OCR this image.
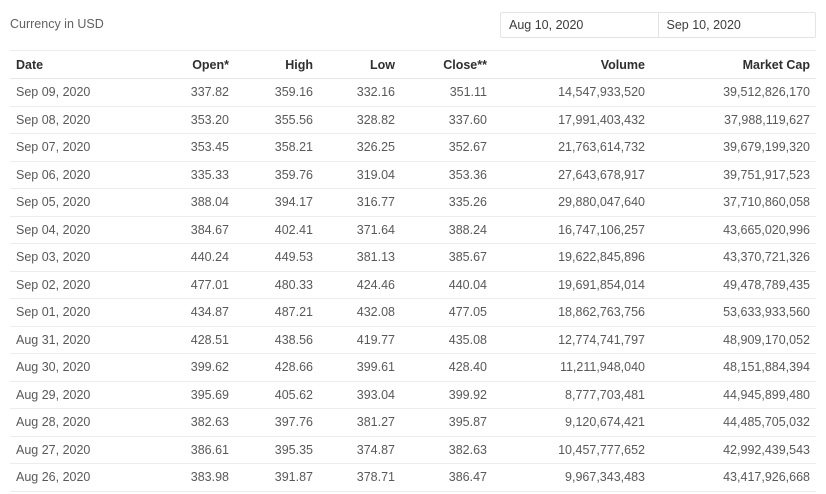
Currency in USD	Aug 10, 2020	Sep 10, 2020
Date	Open*	High	Low	Close**	Volume	Market Cap
Sep 09, 2020	337.82	359.16	332.16	351.11	14,547,933,520	39,512,826,170
Sep 08, 2020	353.20	355.56	328.82	337.60	17,991,403,432	37,988,119,627
Sep 07, 2020	353.45	358.21	326.25	352.67	21,763,614,732	39,679,199,320
Sep 06, 2020	335.33	359.76	319.04	353.36	27,643,678,917	39,751,917,523
Sep 05, 2020	388.04	394.17	316.77	335.26	29,880,047,640	37,710,860,058
Sep 04, 2020	384.67	402.41	371.64	388.24	16,747,106,257	43,665,020,996
Sep 03, 2020	440.24	449.53	381.13	385.67	19,622,845,896	43,370,721,326
Sep 02, 2020	477.01	480.33	424.46	440.04	19,691,854,014	49,478,789,435
Sep 01, 2020	434.87	487.21	432.08	477.05	18,862,763,756	53,633,933,560
Aug 31, 2020	428.51	438.56	419.77	435.08	12,774,741,797	48,909,170,052
Aug 30, 2020	399.62	428.66	399.61	428.40	11,211,948,040	48,151,884,394
Aug 29, 2020	395.69	405.62	393.04	399.92	8,777,703,481	44,945,899,480
Aug 28, 2020	382.63	397.76	381.27	395.87	9,120,674,421	44,485,705,032
Aug 27, 2020	386.61	395.35	374.87	382.63	10,457,777,652	42,992,439,543
Aug 26, 2020	383.98	391.87	378.71	386.47	9,967,343,483	43,417,926,668
